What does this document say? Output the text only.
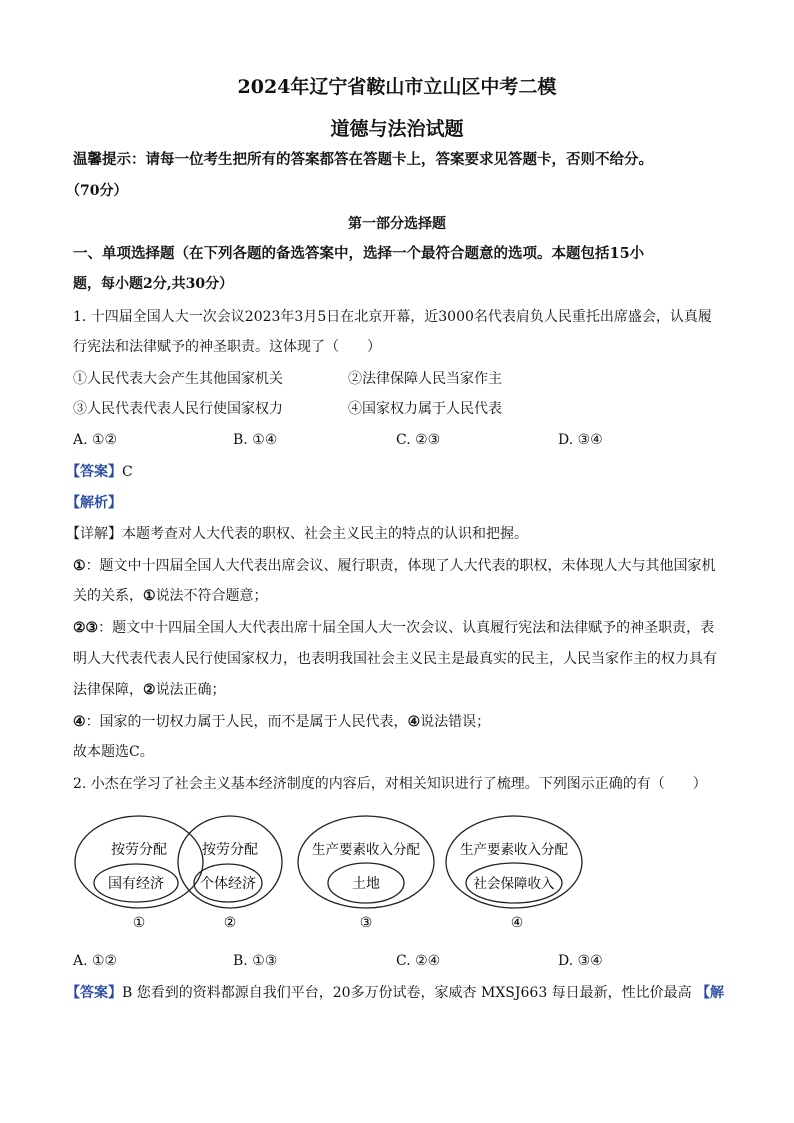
2024年辽宁省鞍山市立山区中考二模
道德与法治试题
温馨提示：请每一位考生把所有的答案都答在答题卡上，答案要求见答题卡，否则不给分。
（70分）
第一部分选择题
一、单项选择题（在下列各题的备选答案中，选择一个最符合题意的选项。本题包括15小
题，每小题2分,共30分）
1. 十四届全国人大一次会议2023年3月5日在北京开幕，近3000名代表肩负人民重托出席盛会，认真履
行宪法和法律赋予的神圣职责。这体现了（　　）
①人民代表大会产生其他国家机关	②法律保障人民当家作主
③人民代表代表人民行使国家权力	④国家权力属于人民代表
A. ①②	B. ①④	C. ②③	D. ③④
【答案】C
【解析】
【详解】本题考查对人大代表的职权、社会主义民主的特点的认识和把握。
①：题文中十四届全国人大代表出席会议、履行职责，体现了人大代表的职权，未体现人大与其他国家机
关的关系，①说法不符合题意；
②③：题文中十四届全国人大代表出席十届全国人大一次会议、认真履行宪法和法律赋予的神圣职责，表
明人大代表代表人民行使国家权力，也表明我国社会主义民主是最真实的民主，人民当家作主的权力具有
法律保障，②说法正确；
④：国家的一切权力属于人民，而不是属于人民代表，④说法错误；
故本题选C。
2. 小杰在学习了社会主义基本经济制度的内容后，对相关知识进行了梳理。下列图示正确的有（　　）
按劳分配
国有经济
①
按劳分配
个体经济
②
生产要素收入分配
土地
③
生产要素收入分配
社会保障收入
④
A. ①②	B. ①③	C. ②④	D. ③④
【答案】B 您看到的资料都源自我们平台，20多万份试卷，家威杏 MXSJ663 每日最新，性比价最高 【解
